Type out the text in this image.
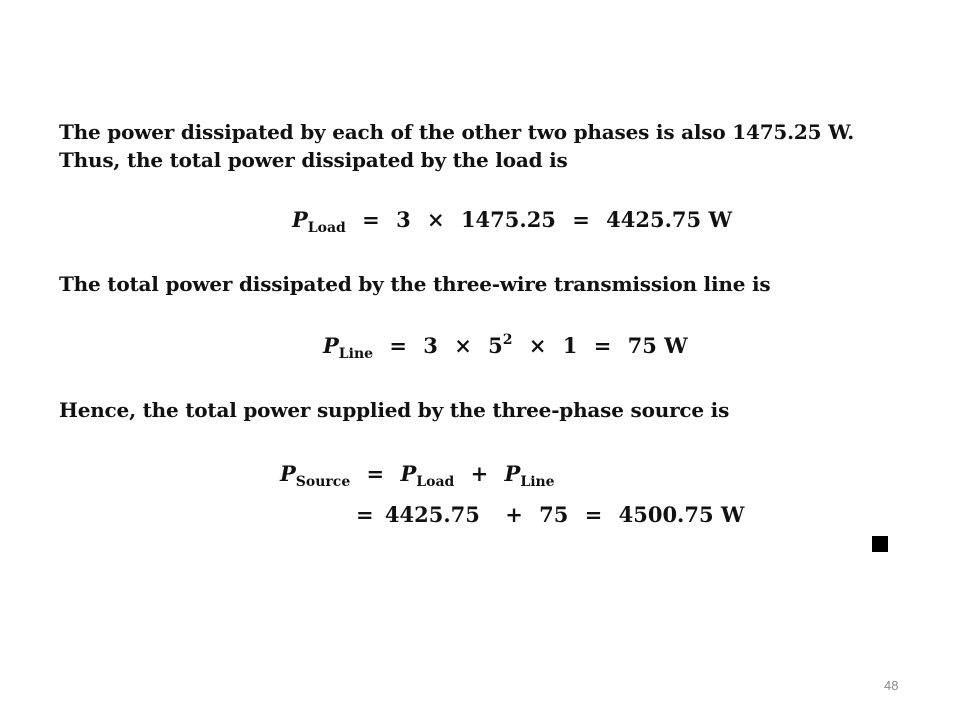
The power dissipated by each of the other two phases is also 1475.25 W. Thus, the total power dissipated by the load is
$P_{Load} = 3 \times 1475.25 = 4425.75$ W
The total power dissipated by the three-wire transmission line is
$P_{Line} = 3 \times 5^2 \times 1 = 75$ W
Hence, the total power supplied by the three-phase source is
$P_{Source} = P_{Load} + P_{Line}$
= 4425.75 + 75 = 4500.75 W
48
